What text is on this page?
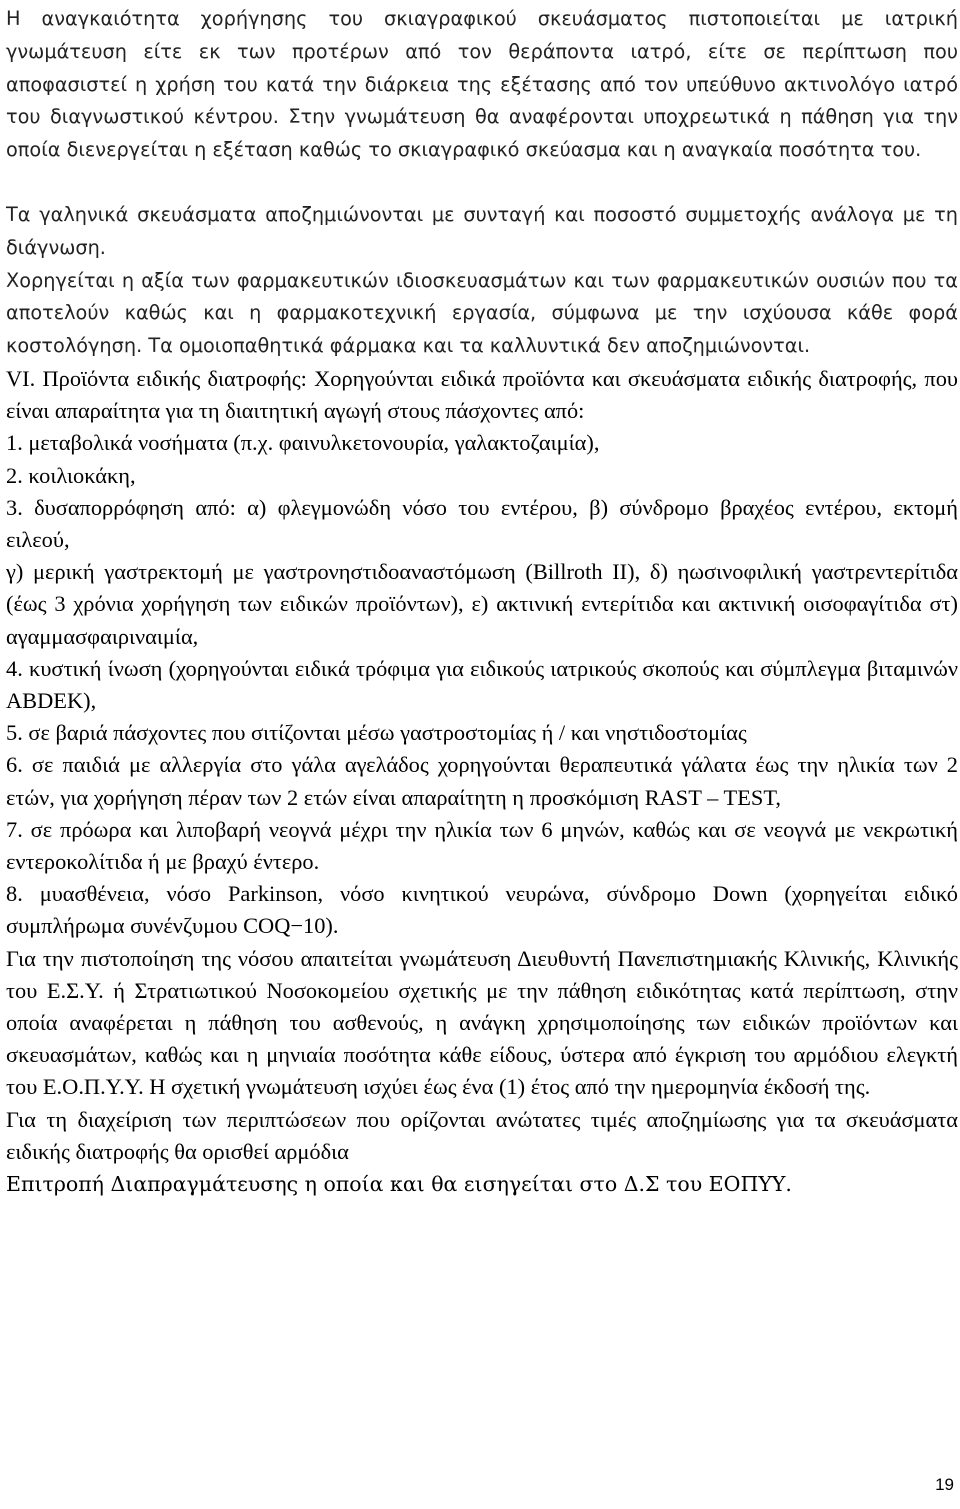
Η αναγκαιότητα χορήγησης του σκιαγραφικού σκευάσματος πιστοποιείται με ιατρική γνωμάτευση είτε εκ των προτέρων από τον θεράποντα ιατρό, είτε σε περίπτωση που αποφασιστεί η χρήση του κατά την διάρκεια της εξέτασης από τον υπεύθυνο ακτινολόγο ιατρό του διαγνωστικού κέντρου. Στην γνωμάτευση θα αναφέρονται υποχρεωτικά η πάθηση για την οποία διενεργείται η εξέταση καθώς το σκιαγραφικό σκεύασμα και η αναγκαία ποσότητα του.

Τα γαληνικά σκευάσματα αποζημιώνονται με συνταγή και ποσοστό συμμετοχής ανάλογα με τη διάγνωση.

Χορηγείται η αξία των φαρμακευτικών ιδιοσκευασμάτων και των φαρμακευτικών ουσιών που τα αποτελούν καθώς και η φαρμακοτεχνική εργασία, σύμφωνα με την ισχύουσα κάθε φορά κοστολόγηση. Τα ομοιοπαθητικά φάρμακα και τα καλλυντικά δεν αποζημιώνονται.

VI. Προϊόντα ειδικής διατροφής: Χορηγούνται ειδικά προϊόντα και σκευάσματα ειδικής διατροφής, που είναι απαραίτητα για τη διαιτητική αγωγή στους πάσχοντες από:

1. μεταβολικά νοσήματα (π.χ. φαινυλκετονουρία, γαλακτοζαιμία),

2. κοιλιοκάκη,

3. δυσαπορρόφηση από: α) φλεγμονώδη νόσο του εντέρου, β) σύνδρομο βραχέος εντέρου, εκτομή ειλεού,

γ) μερική γαστρεκτομή με γαστρονηστιδοαναστόμωση (Billroth II), δ) ηωσινοφιλική γαστρεντερίτιδα (έως 3 χρόνια χορήγηση των ειδικών προϊόντων), ε) ακτινική εντερίτιδα και ακτινική οισοφαγίτιδα στ) αγαμμασφαιριναιμία,

4. κυστική ίνωση (χορηγούνται ειδικά τρόφιμα για ειδικούς ιατρικούς σκοπούς και σύμπλεγμα βιταμινών ABDEK),

5. σε βαριά πάσχοντες που σιτίζονται μέσω γαστροστομίας ή / και νηστιδοστομίας

6. σε παιδιά με αλλεργία στο γάλα αγελάδος χορηγούνται θεραπευτικά γάλατα έως την ηλικία των 2 ετών, για χορήγηση πέραν των 2 ετών είναι απαραίτητη η προσκόμιση RAST – TEST,

7. σε πρόωρα και λιποβαρή νεογνά μέχρι την ηλικία των 6 μηνών, καθώς και σε νεογνά με νεκρωτική εντεροκολίτιδα ή με βραχύ έντερο.

8. μυασθένεια, νόσο Parkinson, νόσο κινητικού νευρώνα, σύνδρομο Down (χορηγείται ειδικό συμπλήρωμα συνένζυμου COQ−10).

Για την πιστοποίηση της νόσου απαιτείται γνωμάτευση Διευθυντή Πανεπιστημιακής Κλινικής, Κλινικής του Ε.Σ.Υ. ή Στρατιωτικού Νοσοκομείου σχετικής με την πάθηση ειδικότητας κατά περίπτωση, στην οποία αναφέρεται η πάθηση του ασθενούς, η ανάγκη χρησιμοποίησης των ειδικών προϊόντων και σκευασμάτων, καθώς και η μηνιαία ποσότητα κάθε είδους, ύστερα από έγκριση του αρμόδιου ελεγκτή του Ε.Ο.Π.Υ.Υ. Η σχετική γνωμάτευση ισχύει έως ένα (1) έτος από την ημερομηνία έκδοσή της.

Για τη διαχείριση των περιπτώσεων που ορίζονται ανώτατες τιμές αποζημίωσης για τα σκευάσματα ειδικής διατροφής θα ορισθεί αρμόδια

Επιτροπή Διαπραγμάτευσης η οποία και θα εισηγείται στο Δ.Σ του ΕΟΠΥΥ.

19
